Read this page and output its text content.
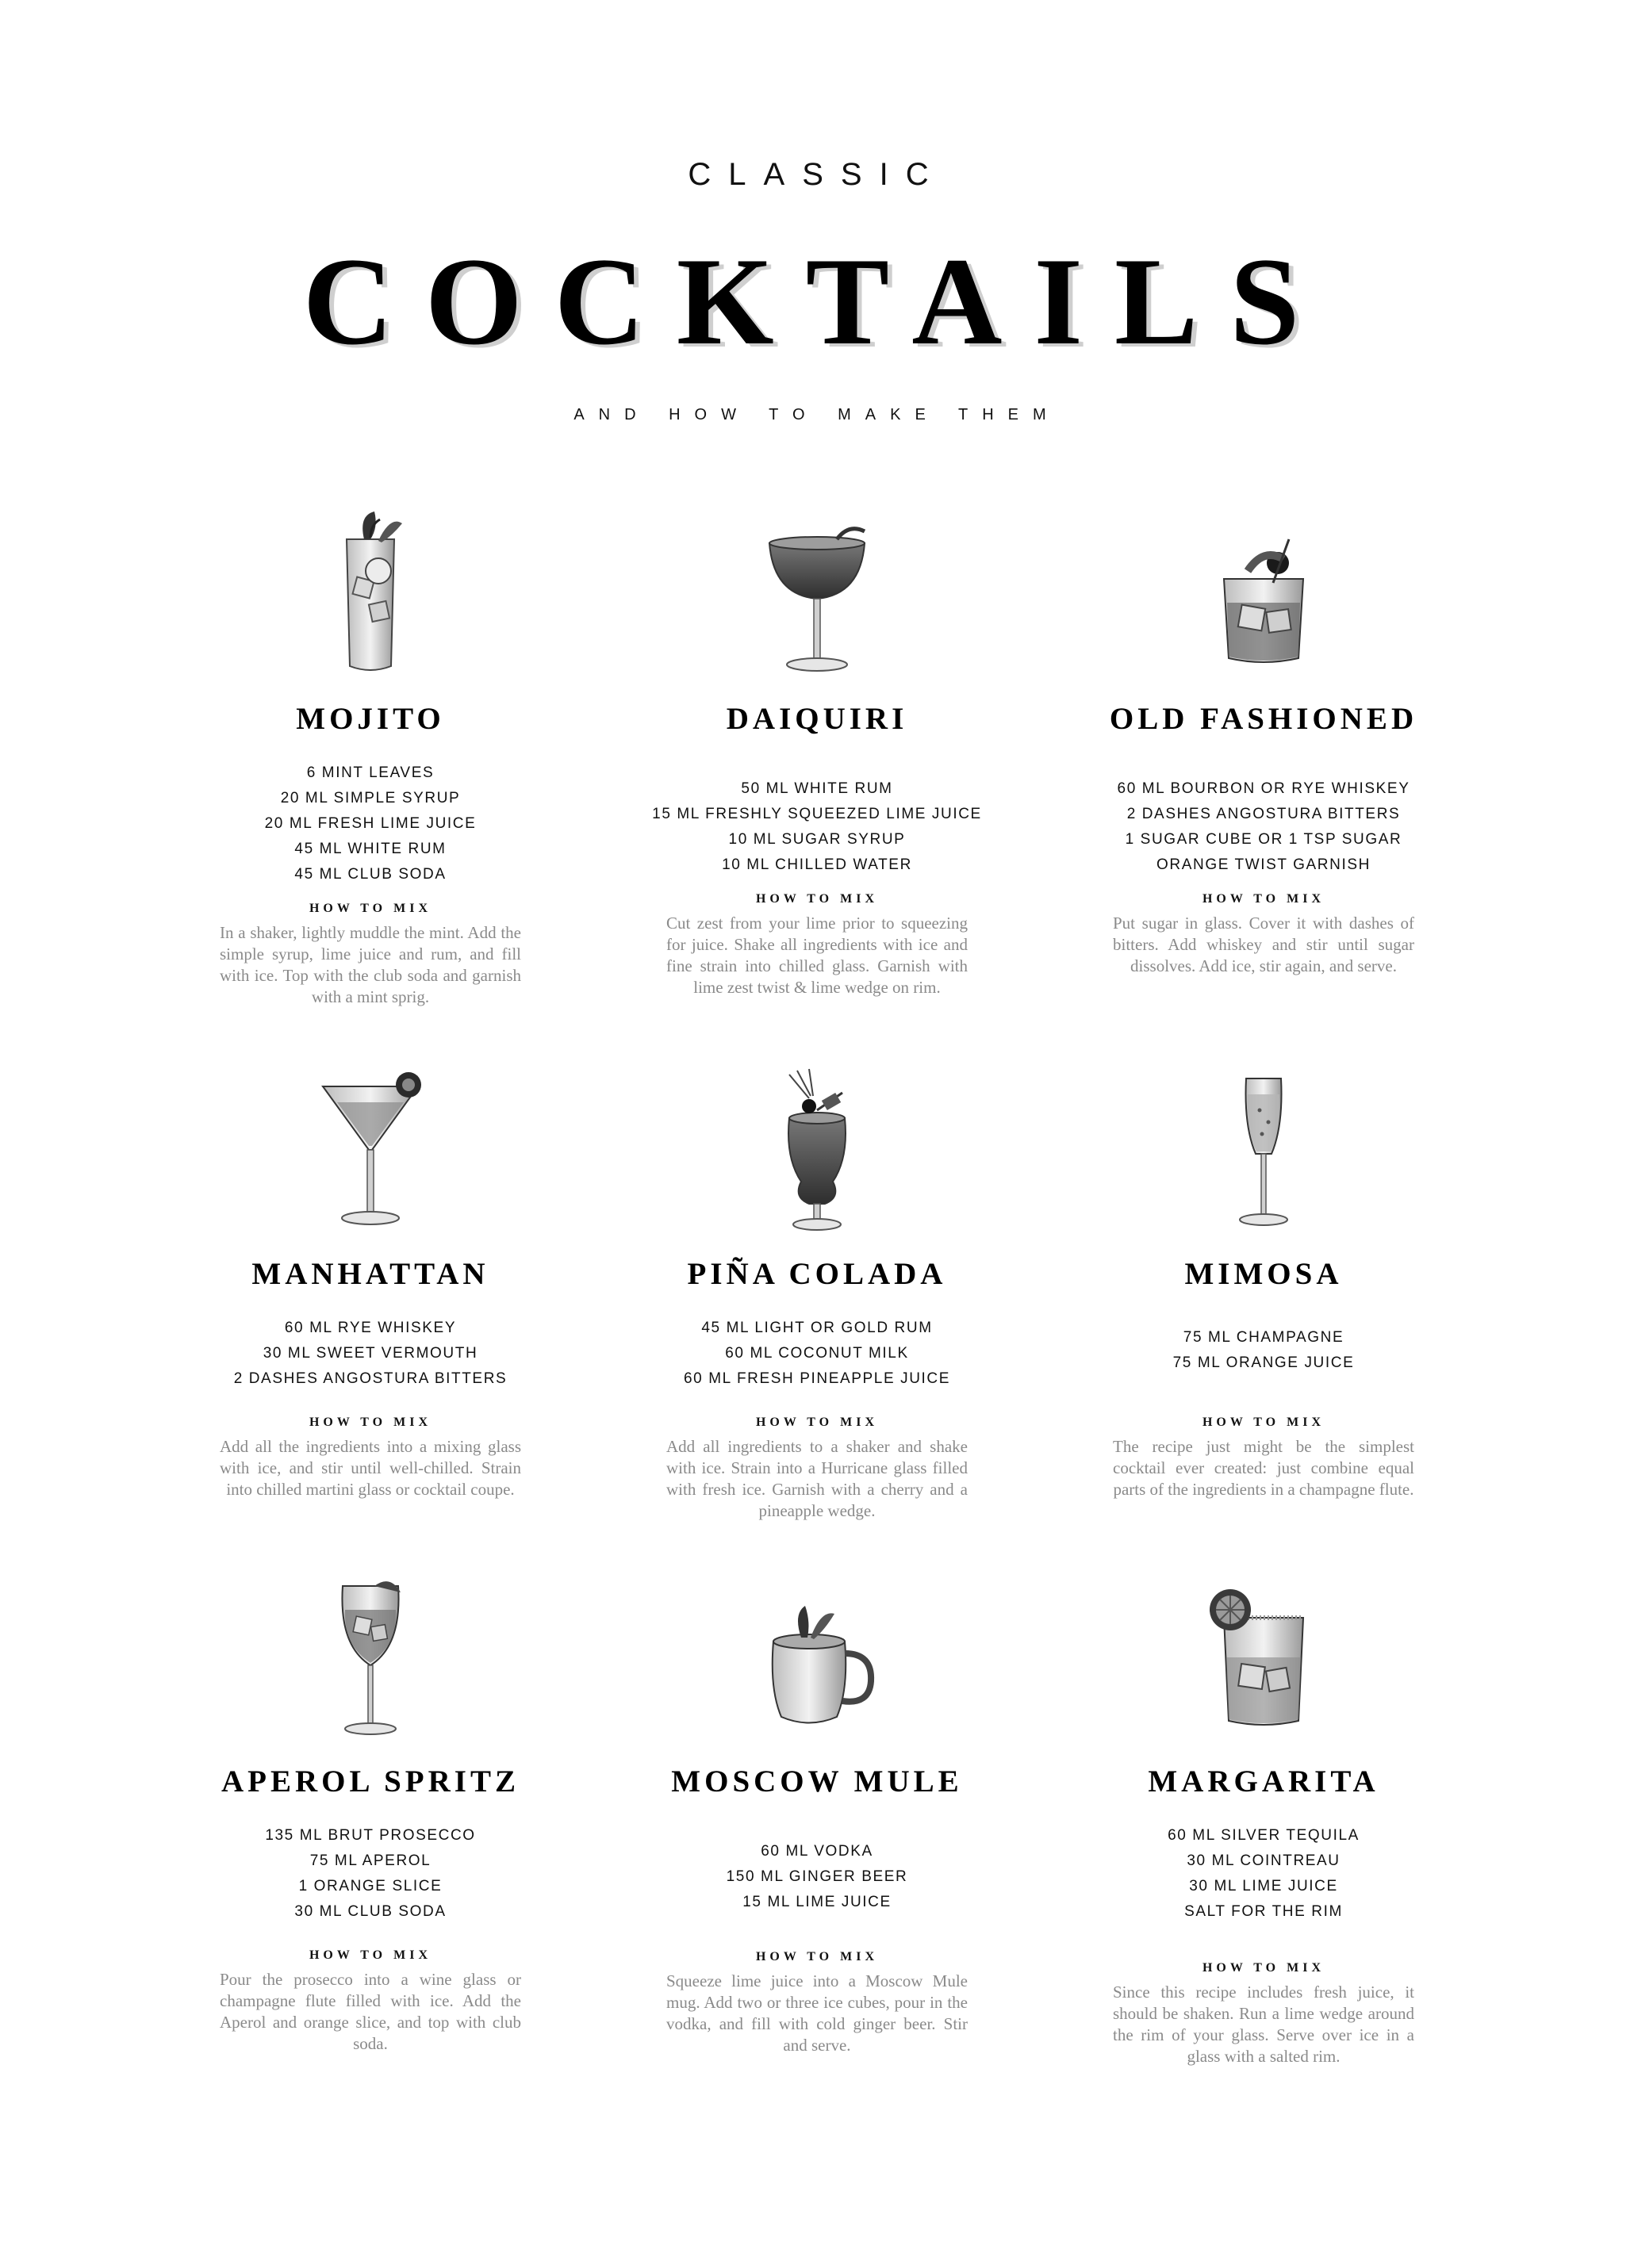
CLASSIC
COCKTAILS
AND HOW TO MAKE THEM
MOJITO
6 MINT LEAVES
20 ML SIMPLE SYRUP
20 ML FRESH LIME JUICE
45 ML WHITE RUM
45 ML CLUB SODA

HOW TO MIX

In a shaker, lightly muddle the mint. Add the simple syrup, lime juice and rum, and fill with ice. Top with the club soda and garnish with a mint sprig.

DAIQUIRI
50 ML WHITE RUM
15 ML FRESHLY SQUEEZED LIME JUICE
10 ML SUGAR SYRUP
10 ML CHILLED WATER

HOW TO MIX

Cut zest from your lime prior to squeezing for juice. Shake all ingredients with ice and fine strain into chilled glass. Garnish with lime zest twist & lime wedge on rim.

OLD FASHIONED
60 ML BOURBON OR RYE WHISKEY
2 DASHES ANGOSTURA BITTERS
1 SUGAR CUBE OR 1 TSP SUGAR
ORANGE TWIST GARNISH

HOW TO MIX

Put sugar in glass. Cover it with dashes of bitters. Add whiskey and stir until sugar dissolves. Add ice, stir again, and serve.

MANHATTAN
60 ML RYE WHISKEY
30 ML SWEET VERMOUTH
2 DASHES ANGOSTURA BITTERS

HOW TO MIX

Add all the ingredients into a mixing glass with ice, and stir until well-chilled. Strain into chilled martini glass or cocktail coupe.

PIÑA COLADA
45 ML LIGHT OR GOLD RUM
60 ML COCONUT MILK
60 ML FRESH PINEAPPLE JUICE

HOW TO MIX

Add all ingredients to a shaker and shake with ice. Strain into a Hurricane glass filled with fresh ice. Garnish with a cherry and a pineapple wedge.

MIMOSA
75 ML CHAMPAGNE
75 ML ORANGE JUICE

HOW TO MIX

The recipe just might be the simplest cocktail ever created: just combine equal parts of the ingredients in a champagne flute.

APEROL SPRITZ
135 ML BRUT PROSECCO
75 ML APEROL
1 ORANGE SLICE
30 ML CLUB SODA

HOW TO MIX

Pour the prosecco into a wine glass or champagne flute filled with ice. Add the Aperol and orange slice, and top with club soda.

MOSCOW MULE
60 ML VODKA
150 ML GINGER BEER
15 ML LIME JUICE

HOW TO MIX

Squeeze lime juice into a Moscow Mule mug. Add two or three ice cubes, pour in the vodka, and fill with cold ginger beer. Stir and serve.

MARGARITA
60 ML SILVER TEQUILA
30 ML COINTREAU
30 ML LIME JUICE
SALT FOR THE RIM

HOW TO MIX

Since this recipe includes fresh juice, it should be shaken. Run a lime wedge around the rim of your glass. Serve over ice in a glass with a salted rim.
